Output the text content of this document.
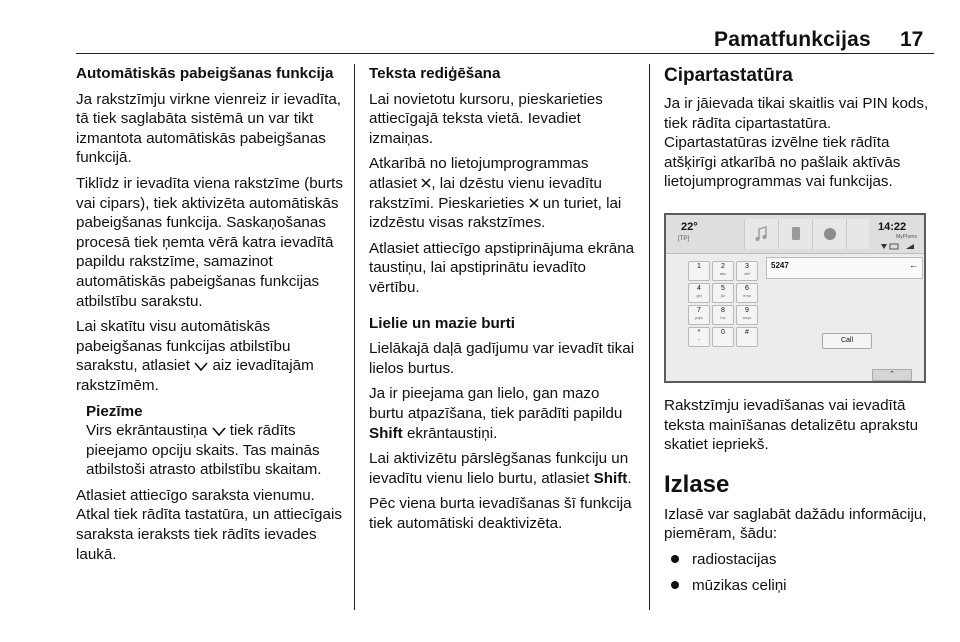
Pamatfunkcijas 17

Automātiskās pabeigšanas funkcija

Ja rakstzīmju virkne vienreiz ir ievadīta, tā tiek saglabāta sistēmā un var tikt izmantota automātiskās pabeigšanas funkcijā.

Tiklīdz ir ievadīta viena rakstzīme (burts vai cipars), tiek aktivizēta automātiskās pabeigšanas funkcija. Saskaņošanas procesā tiek ņemta vērā katra ievadītā papildu rakstzīme, samazinot automātiskās pabeigšanas funkcijas atbilstību sarakstu.

Lai skatītu visu automātiskās pabeigšanas funkcijas atbilstību sarakstu, atlasiet aiz ievadītajām rakstzīmēm.

Piezīme

Virs ekrāntaustiņa tiek rādīts pieejamo opciju skaits. Tas mainās atbilstoši atrasto atbilstību skaitam.

Atlasiet attiecīgo saraksta vienumu. Atkal tiek rādīta tastatūra, un attiecīgais saraksta ieraksts tiek rādīts ievades laukā.

Teksta rediģēšana

Lai novietotu kursoru, pieskarieties attiecīgajā teksta vietā. Ievadiet izmaiņas.

Atkarībā no lietojumprogrammas atlasiet , lai dzēstu vienu ievadītu rakstzīmi. Pieskarieties un turiet, lai izdzēstu visas rakstzīmes.

Atlasiet attiecīgo apstiprinājuma ekrāna taustiņu, lai apstiprinātu ievadīto vērtību.

Lielie un mazie burti

Lielākajā daļā gadījumu var ievadīt tikai lielos burtus.

Ja ir pieejama gan lielo, gan mazo burtu atpazīšana, tiek parādīti papildu Shift ekrāntaustiņi.

Lai aktivizētu pārslēgšanas funkciju un ievadītu vienu lielo burtu, atlasiet Shift.

Pēc viena burta ievadīšanas šī funkcija tiek automātiski deaktivizēta.

Cipartastatūra

Ja ir jāievada tikai skaitlis vai PIN kods, tiek rādīta cipartastatūra. Cipartastatūras izvēlne tiek rādīta atšķirīgi atkarībā no pašlaik aktīvās lietojumprogrammas vai funkcijas.

Rakstzīmju ievadīšanas vai ievadītā teksta mainīšanas detalizētu aprakstu skatiet iepriekš.

Izlase

Izlasē var saglabāt dažādu informāciju, piemēram, šādu:

radiostacijas
mūzikas celiņi
22°
[TP]
14:22
MyPhone
1	2
abc
3
def
4
ghi
5
jkl
6
mno
7
pqrs
8
tuv
9
wxyz
*
+
0	#
5247	←
Call
⌃
